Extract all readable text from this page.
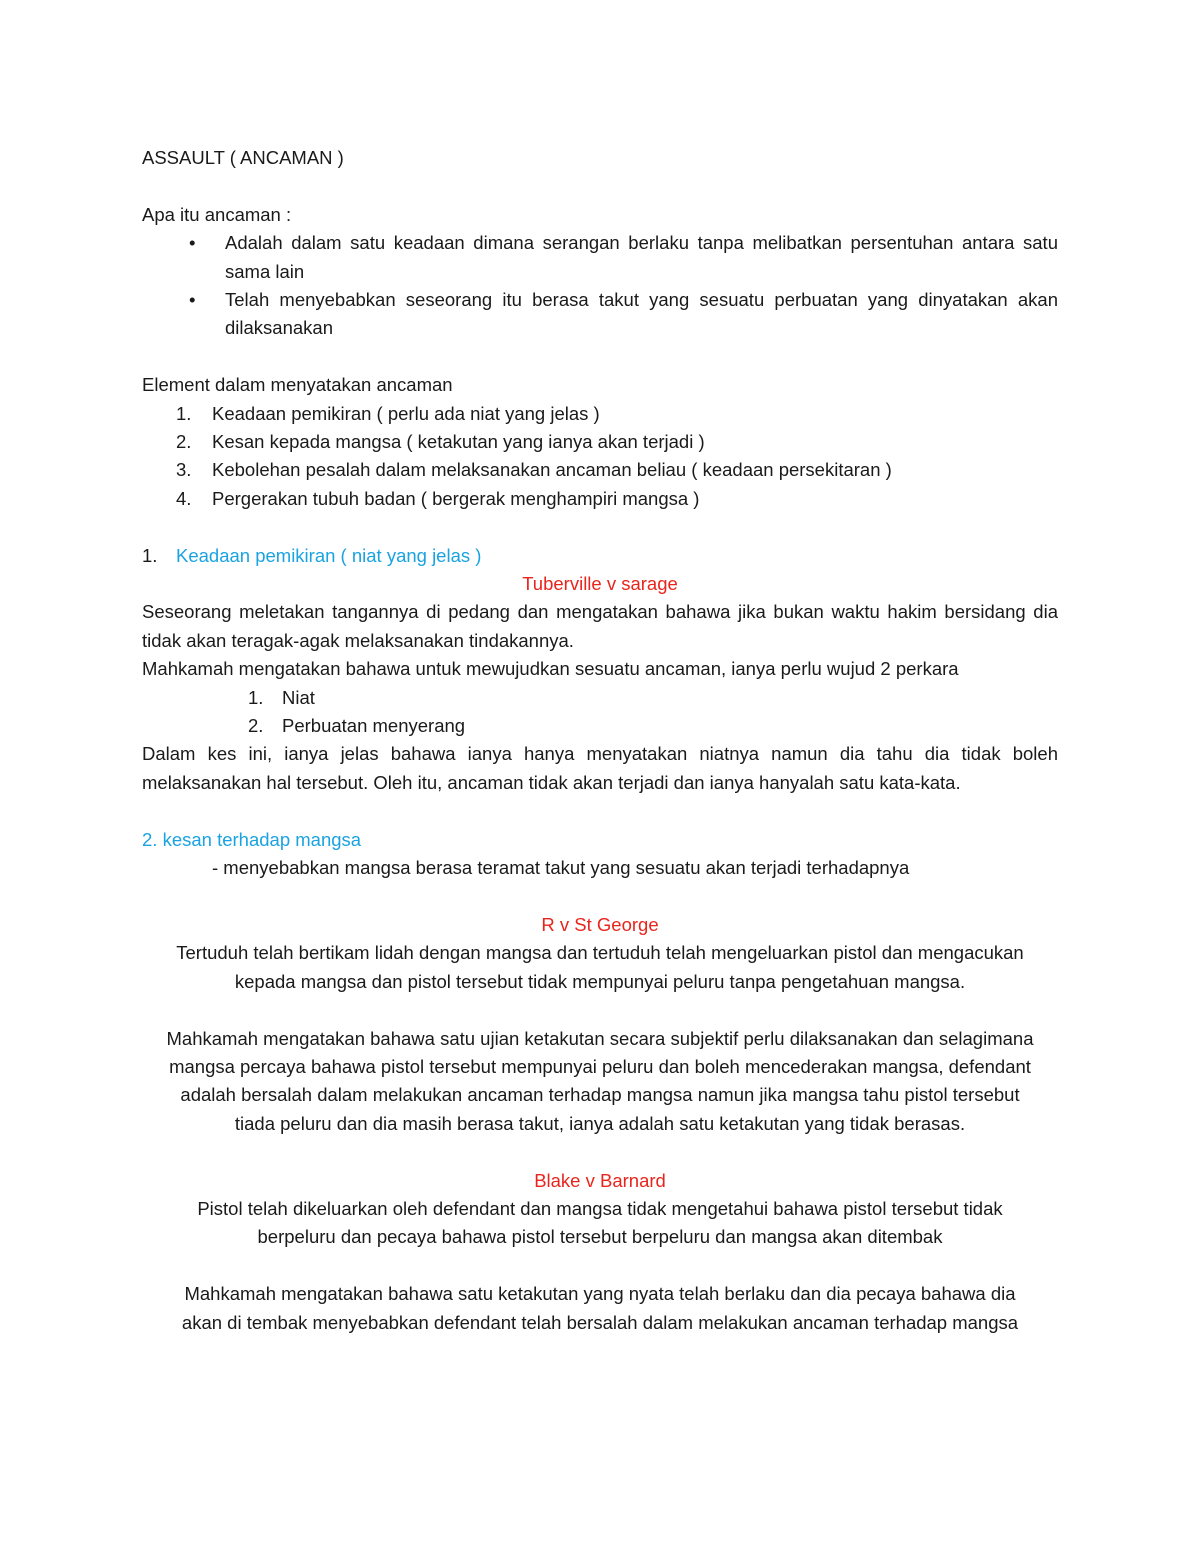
ASSAULT ( ANCAMAN )

Apa itu ancaman :

• Adalah dalam satu keadaan dimana serangan berlaku tanpa melibatkan persentuhan antara satu sama lain

• Telah menyebabkan seseorang itu berasa takut yang sesuatu perbuatan yang dinyatakan akan dilaksanakan

Element dalam menyatakan ancaman

1. Keadaan pemikiran ( perlu ada niat yang jelas )

2. Kesan kepada mangsa ( ketakutan yang ianya akan terjadi )

3. Kebolehan pesalah dalam melaksanakan ancaman beliau ( keadaan persekitaran )

4. Pergerakan tubuh badan ( bergerak menghampiri mangsa )

1. Keadaan pemikiran ( niat yang jelas )

Tuberville v sarage

Seseorang meletakan tangannya di pedang dan mengatakan bahawa jika bukan waktu hakim bersidang dia tidak akan teragak-agak melaksanakan tindakannya.

Mahkamah mengatakan bahawa untuk mewujudkan sesuatu ancaman, ianya perlu wujud 2 perkara

1. Niat

2. Perbuatan menyerang

Dalam kes ini, ianya jelas bahawa ianya hanya menyatakan niatnya namun dia tahu dia tidak boleh melaksanakan hal tersebut. Oleh itu, ancaman tidak akan terjadi dan ianya hanyalah satu kata-kata.

2. kesan terhadap mangsa

- menyebabkan mangsa berasa teramat takut yang sesuatu akan terjadi terhadapnya

R v St George

Tertuduh telah bertikam lidah dengan mangsa dan tertuduh telah mengeluarkan pistol dan mengacukan

kepada mangsa dan pistol tersebut tidak mempunyai peluru tanpa pengetahuan mangsa.

Mahkamah mengatakan bahawa satu ujian ketakutan secara subjektif perlu dilaksanakan dan selagimana

mangsa percaya bahawa pistol tersebut mempunyai peluru dan boleh mencederakan mangsa, defendant

adalah bersalah dalam melakukan ancaman terhadap mangsa namun jika mangsa tahu pistol tersebut

tiada peluru dan dia masih berasa takut, ianya adalah satu ketakutan yang tidak berasas.

Blake v Barnard

Pistol telah dikeluarkan oleh defendant dan mangsa tidak mengetahui bahawa pistol tersebut tidak

berpeluru dan pecaya bahawa pistol tersebut berpeluru dan mangsa akan ditembak

Mahkamah mengatakan bahawa satu ketakutan yang nyata telah berlaku dan dia pecaya bahawa dia

akan di tembak menyebabkan defendant telah bersalah dalam melakukan ancaman terhadap mangsa
